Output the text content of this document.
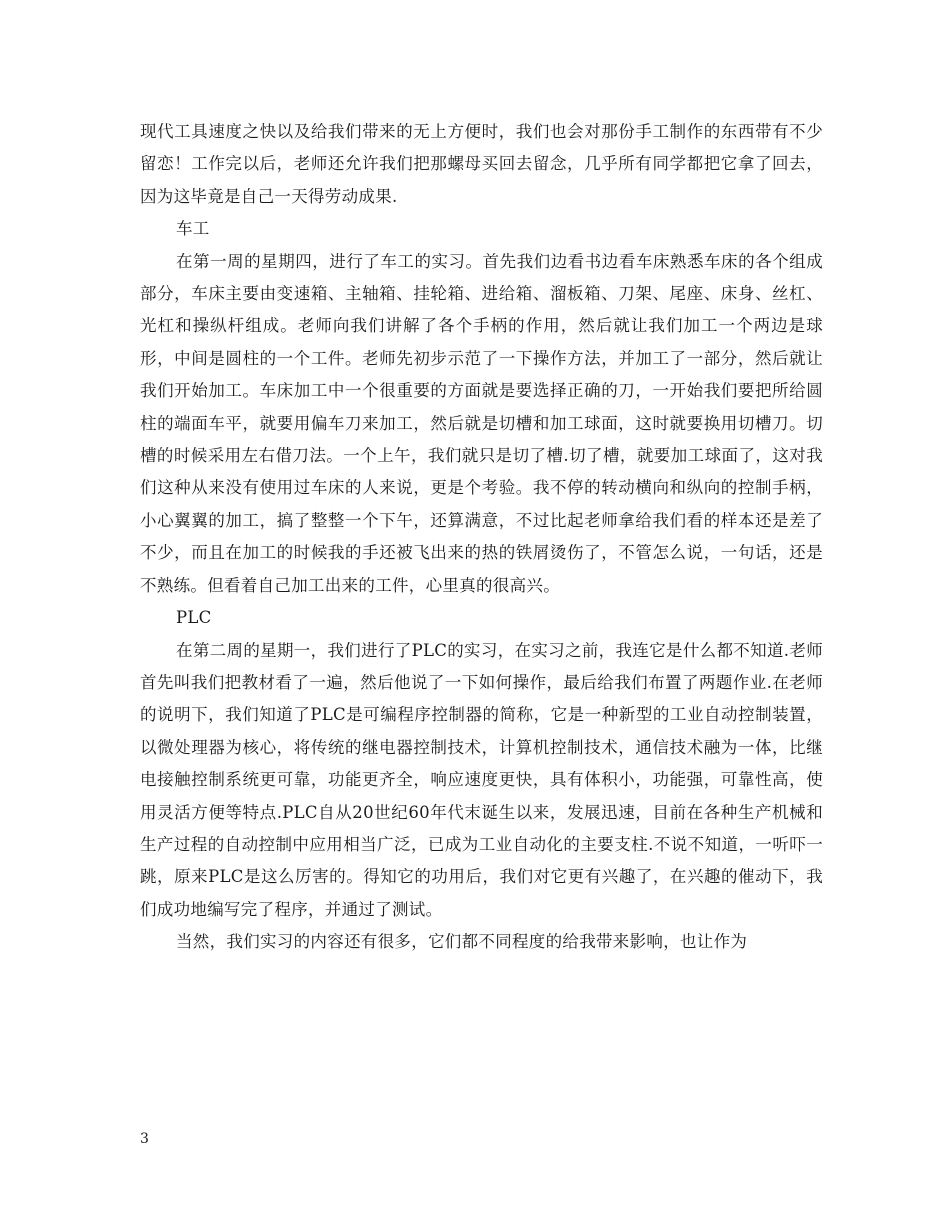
现代工具速度之快以及给我们带来的无上方便时，我们也会对那份手工制作的东西带有不少留恋！工作完以后，老师还允许我们把那螺母买回去留念，几乎所有同学都把它拿了回去，因为这毕竟是自己一天得劳动成果.

车工

在第一周的星期四，进行了车工的实习。首先我们边看书边看车床熟悉车床的各个组成部分，车床主要由变速箱、主轴箱、挂轮箱、进给箱、溜板箱、刀架、尾座、床身、丝杠、光杠和操纵杆组成。老师向我们讲解了各个手柄的作用，然后就让我们加工一个两边是球形，中间是圆柱的一个工件。老师先初步示范了一下操作方法，并加工了一部分，然后就让我们开始加工。车床加工中一个很重要的方面就是要选择正确的刀，一开始我们要把所给圆柱的端面车平，就要用偏车刀来加工，然后就是切槽和加工球面，这时就要换用切槽刀。切槽的时候采用左右借刀法。一个上午，我们就只是切了槽.切了槽，就要加工球面了，这对我们这种从来没有使用过车床的人来说，更是个考验。我不停的转动横向和纵向的控制手柄，小心翼翼的加工，搞了整整一个下午，还算满意，不过比起老师拿给我们看的样本还是差了不少，而且在加工的时候我的手还被飞出来的热的铁屑烫伤了，不管怎么说，一句话，还是不熟练。但看着自己加工出来的工件，心里真的很高兴。

PLC

在第二周的星期一，我们进行了PLC的实习，在实习之前，我连它是什么都不知道.老师首先叫我们把教材看了一遍，然后他说了一下如何操作，最后给我们布置了两题作业.在老师的说明下，我们知道了PLC是可编程序控制器的简称，它是一种新型的工业自动控制装置，以微处理器为核心，将传统的继电器控制技术，计算机控制技术，通信技术融为一体，比继电接触控制系统更可靠，功能更齐全，响应速度更快，具有体积小，功能强，可靠性高，使用灵活方便等特点.PLC自从20世纪60年代末诞生以来，发展迅速，目前在各种生产机械和生产过程的自动控制中应用相当广泛，已成为工业自动化的主要支柱.不说不知道，一听吓一跳，原来PLC是这么厉害的。得知它的功用后，我们对它更有兴趣了，在兴趣的催动下，我们成功地编写完了程序，并通过了测试。

当然，我们实习的内容还有很多，它们都不同程度的给我带来影响，也让作为

3
